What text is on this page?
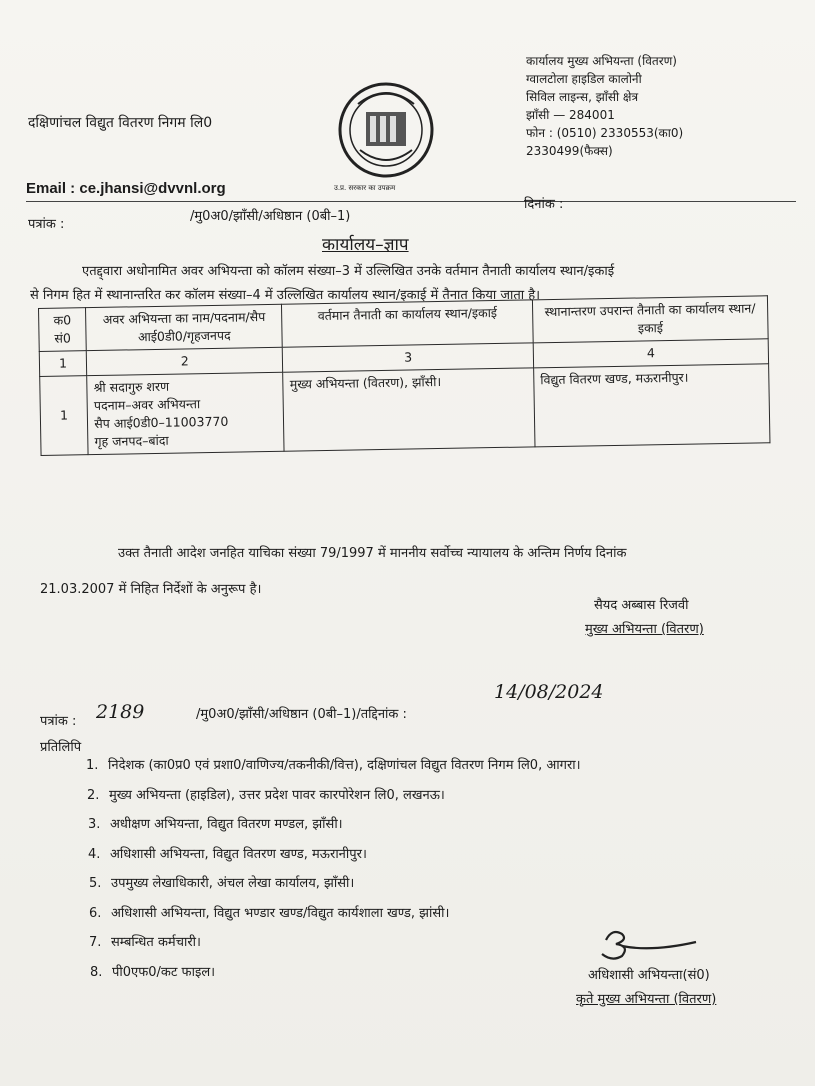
दक्षिणांचल विद्युत वितरण निगम लि0
उ.प्र. सरकार का उपक्रम
कार्यालय मुख्य अभियन्ता (वितरण)
ग्वालटोला हाइडिल कालोनी
सिविल लाइन्स, झाँसी क्षेत्र
झाँसी — 284001
फोन : (0510) 2330553(का0)
2330499(फैक्स)
Email : ce.jhansi@dvvnl.org
पत्रांक :
/मु0अ0/झाँसी/अधिष्ठान (0बी–1)
दिनांक :
कार्यालय–ज्ञाप
एतद्द्वारा अधोनामित अवर अभियन्ता को कॉलम संख्या–3 में उल्लिखित उनके वर्तमान तैनाती कार्यालय स्थान/इकाई
से निगम हित में स्थानान्तरित कर कॉलम संख्या–4 में उल्लिखित कार्यालय स्थान/इकाई में तैनात किया जाता है।
क0 सं0	अवर अभियन्ता का नाम/पदनाम/सैप आई0डी0/गृहजनपद	वर्तमान तैनाती का कार्यालय स्थान/इकाई	स्थानान्तरण उपरान्त तैनाती का कार्यालय स्थान/इकाई
1	2	3	4
1	श्री सदागुरु शरण
पदनाम–अवर अभियन्ता
सैप आई0डी0–11003770
गृह जनपद–बांदा	मुख्य अभियन्ता (वितरण), झाँसी।	विद्युत वितरण खण्ड, मऊरानीपुर।
उक्त तैनाती आदेश जनहित याचिका संख्या 79/1997 में माननीय सर्वोच्च न्यायालय के अन्तिम निर्णय दिनांक
21.03.2007 में निहित निर्देशों के अनुरूप है।
सैयद अब्बास रिजवी
मुख्य अभियन्ता (वितरण)
पत्रांक : 2189	/मु0अ0/झाँसी/अधिष्ठान (0बी–1)/तद्दिनांक :
14/08/2024
प्रतिलिपि
1. निदेशक (का0प्र0 एवं प्रशा0/वाणिज्य/तकनीकी/वित्त), दक्षिणांचल विद्युत वितरण निगम लि0, आगरा।
2. मुख्य अभियन्ता (हाइडिल), उत्तर प्रदेश पावर कारपोरेशन लि0, लखनऊ।
3. अधीक्षण अभियन्ता, विद्युत वितरण मण्डल, झाँसी।
4. अधिशासी अभियन्ता, विद्युत वितरण खण्ड, मऊरानीपुर।
5. उपमुख्य लेखाधिकारी, अंचल लेखा कार्यालय, झाँसी।
6. अधिशासी अभियन्ता, विद्युत भण्डार खण्ड/विद्युत कार्यशाला खण्ड, झांसी।
7. सम्बन्धित कर्मचारी।
8. पी0एफ0/कट फाइल।	अधिशासी अभियन्ता(सं0)
कृते मुख्य अभियन्ता (वितरण)
